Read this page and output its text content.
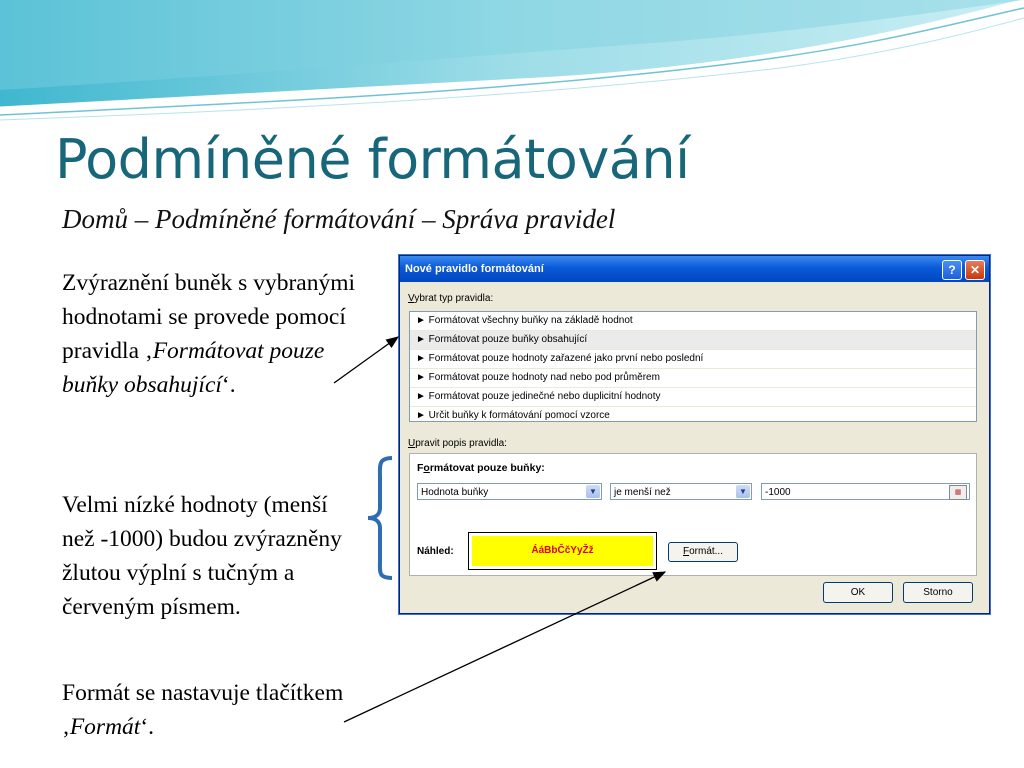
Podmíněné formátování
Domů – Podmíněné formátování – Správa pravidel
Zvýraznění buněk s vybranými hodnotami se provede pomocí pravidla ‚Formátovat pouze buňky obsahující‘.
Velmi nízké hodnoty (menší než -1000) budou zvýrazněny žlutou výplní s tučným a červeným písmem.
Formát se nastavuje tlačítkem ‚Formát‘.
Nové pravidlo formátování	?	✕
Vybrat typ pravidla:
► Formátovat všechny buňky na základě hodnot
► Formátovat pouze buňky obsahující
► Formátovat pouze hodnoty zařazené jako první nebo poslední
► Formátovat pouze hodnoty nad nebo pod průměrem
► Formátovat pouze jedinečné nebo duplicitní hodnoty
► Určit buňky k formátování pomocí vzorce
Upravit popis pravidla:
Formátovat pouze buňky:
Hodnota buňky	▼	je menší než	▼	-1000	▦
Náhled:	ÁáBbČčYyŽž	Formát...
OK	Storno
